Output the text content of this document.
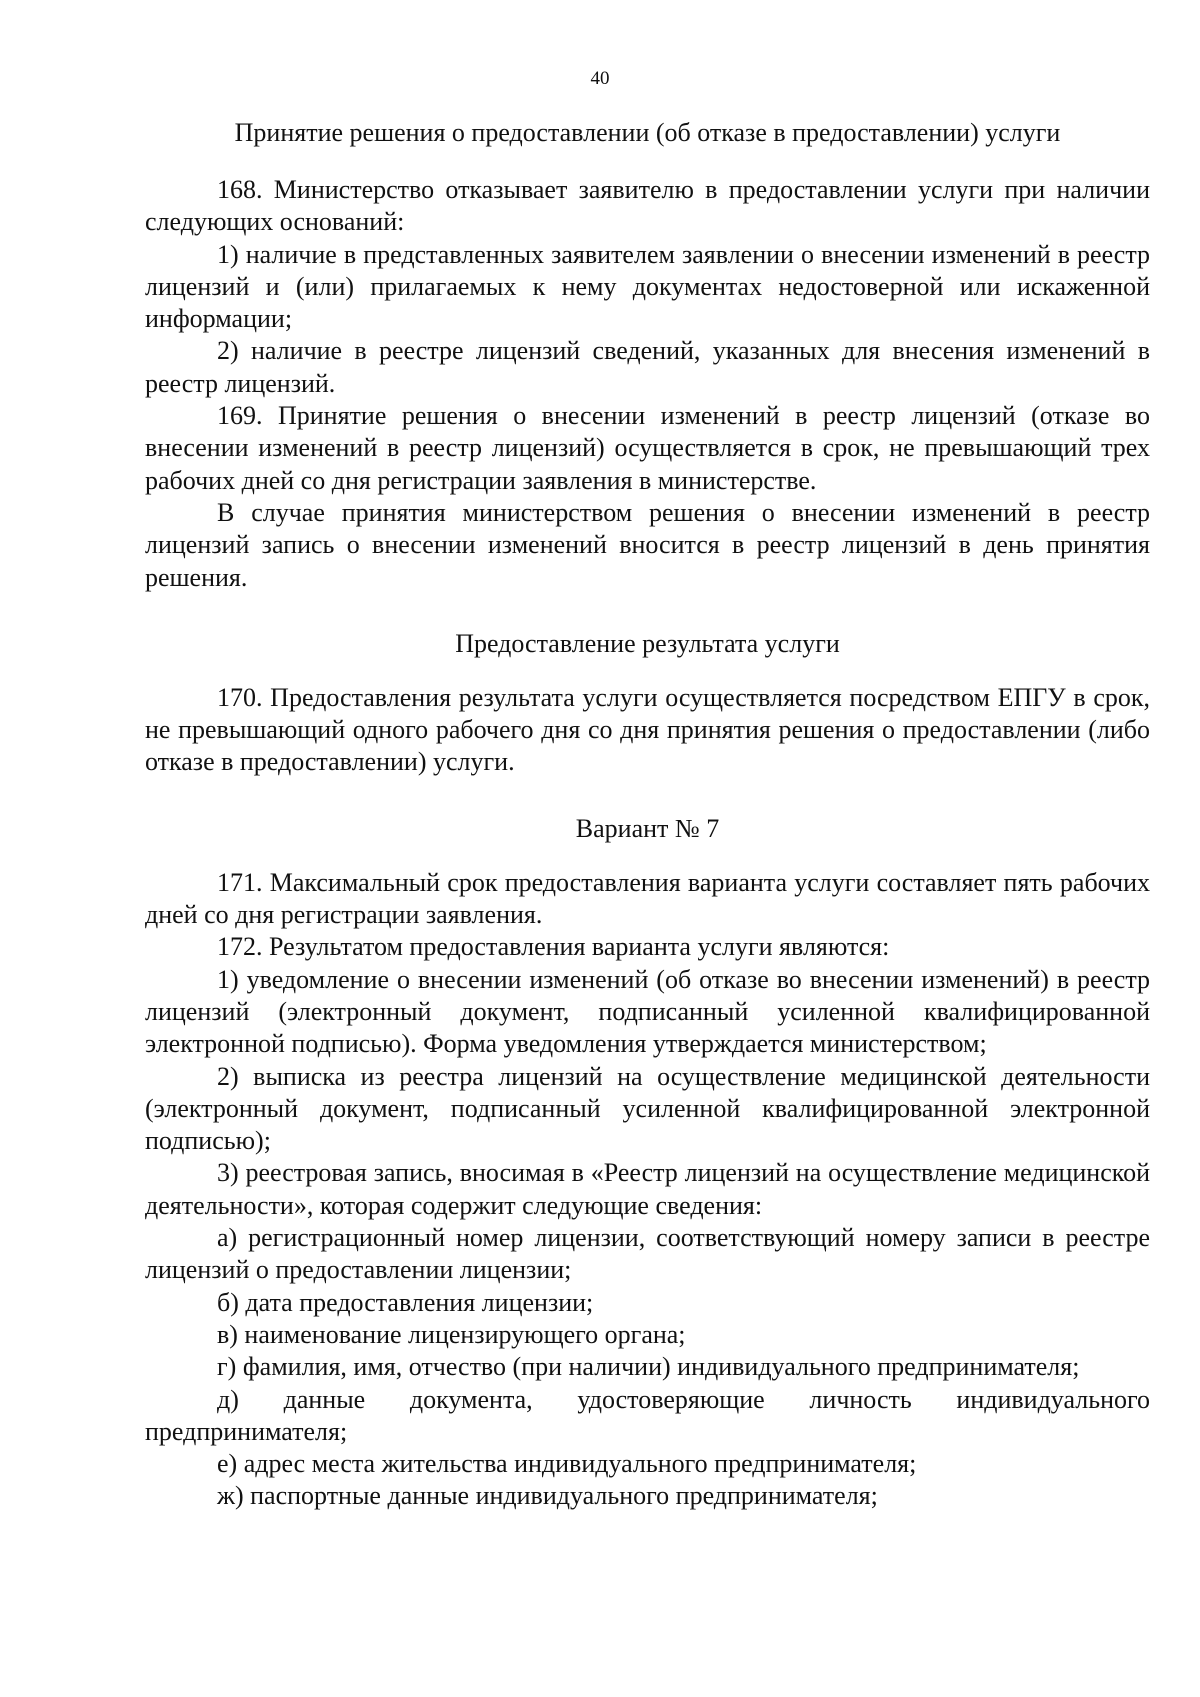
40

Принятие решения о предоставлении (об отказе в предоставлении) услуги

168. Министерство отказывает заявителю в предоставлении услуги при наличии следующих оснований:

1) наличие в представленных заявителем заявлении о внесении изменений в реестр лицензий и (или) прилагаемых к нему документах недостоверной или искаженной информации;

2) наличие в реестре лицензий сведений, указанных для внесения изменений в реестр лицензий.

169. Принятие решения о внесении изменений в реестр лицензий (отказе во внесении изменений в реестр лицензий) осуществляется в срок, не превышающий трех рабочих дней со дня регистрации заявления в министерстве.

В случае принятия министерством решения о внесении изменений в реестр лицензий запись о внесении изменений вносится в реестр лицензий в день принятия решения.

Предоставление результата услуги

170. Предоставления результата услуги осуществляется посредством ЕПГУ в срок, не превышающий одного рабочего дня со дня принятия решения о предоставлении (либо отказе в предоставлении) услуги.

Вариант № 7

171. Максимальный срок предоставления варианта услуги составляет пять рабочих дней со дня регистрации заявления.

172. Результатом предоставления варианта услуги являются:

1) уведомление о внесении изменений (об отказе во внесении изменений) в реестр лицензий (электронный документ, подписанный усиленной квалифицированной электронной подписью). Форма уведомления утверждается министерством;

2) выписка из реестра лицензий на осуществление медицинской деятельности (электронный документ, подписанный усиленной квалифицированной электронной подписью);

3) реестровая запись, вносимая в «Реестр лицензий на осуществление медицинской деятельности», которая содержит следующие сведения:

а) регистрационный номер лицензии, соответствующий номеру записи в реестре лицензий о предоставлении лицензии;

б) дата предоставления лицензии;

в) наименование лицензирующего органа;

г) фамилия, имя, отчество (при наличии) индивидуального предпринимателя;

д) данные документа, удостоверяющие личность индивидуального предпринимателя;

е) адрес места жительства индивидуального предпринимателя;

ж) паспортные данные индивидуального предпринимателя;
